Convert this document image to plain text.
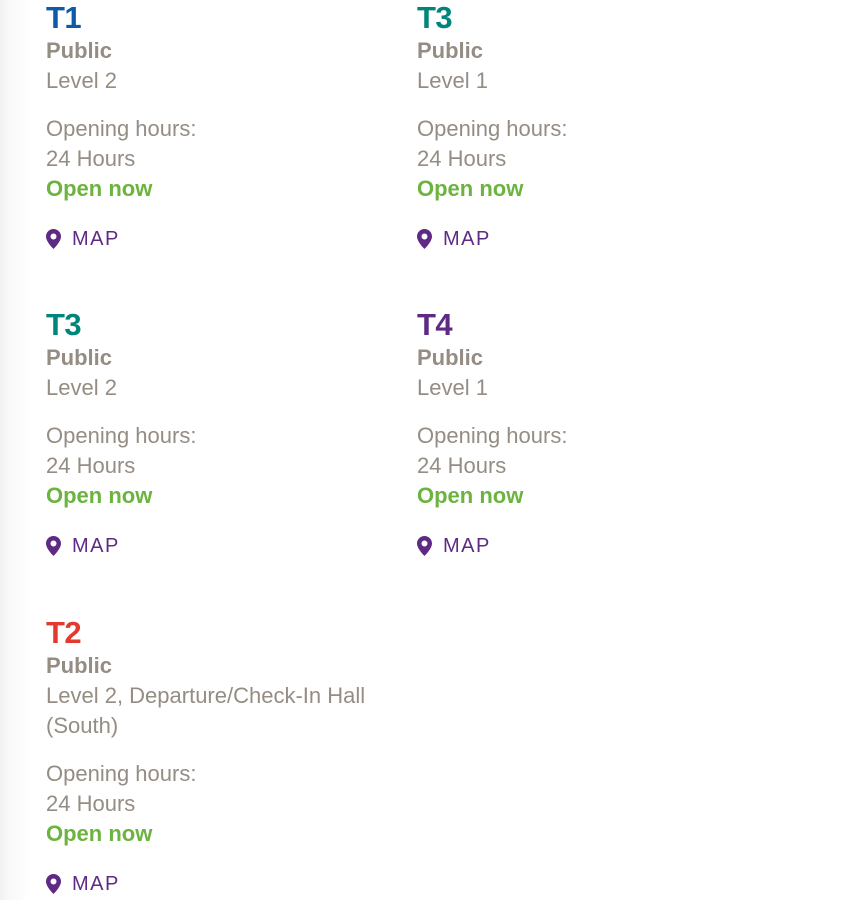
T1
Public
Level 2
Opening hours:
24 Hours
Open now
MAP
T3
Public
Level 1
Opening hours:
24 Hours
Open now
MAP
T3
Public
Level 2
Opening hours:
24 Hours
Open now
MAP
T4
Public
Level 1
Opening hours:
24 Hours
Open now
MAP
T2
Public
Level 2, Departure/Check-In Hall
(South)
Opening hours:
24 Hours
Open now
MAP
